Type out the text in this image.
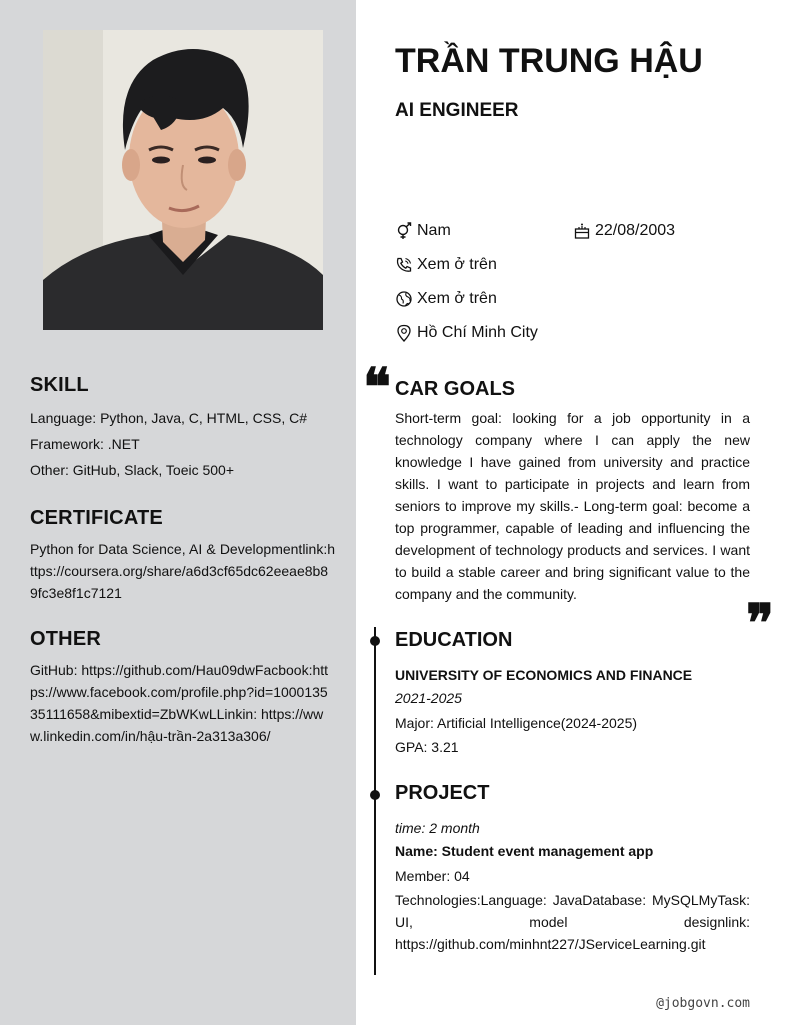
SKILL
Language: Python, Java, C, HTML, CSS, C#
Framework: .NET
Other: GitHub, Slack, Toeic 500+
CERTIFICATE
Python for Data Science, AI & Developmentlink:https://coursera.org/share/a6d3cf65dc62eeae8b89fc3e8f1c7121
OTHER
GitHub: https://github.com/Hau09dwFacbook:https://www.facebook.com/profile.php?id=100013535111658&mibextid=ZbWKwLLinkin: https://www.linkedin.com/in/hậu-trần-2a313a306/
TRẦN TRUNG HẬU
AI ENGINEER
Nam	22/08/2003
Xem ở trên
Xem ở trên
Hồ Chí Minh City
❝ CAR GOALS
Short-term goal: looking for a job opportunity in a technology company where I can apply the new knowledge I have gained from university and practice skills. I want to participate in projects and learn from seniors to improve my skills.- Long-term goal: become a top programmer, capable of leading and influencing the development of technology products and services. I want to build a stable career and bring significant value to the company and the community.	❞
EDUCATION
UNIVERSITY OF ECONOMICS AND FINANCE
2021-2025
Major: Artificial Intelligence(2024-2025)
GPA: 3.21
PROJECT
time: 2 month
Name: Student event management app
Member: 04
Technologies:Language: JavaDatabase: MySQLMyTask: UI, model designlink: https://github.com/minhnt227/JServiceLearning.git
@jobgovn.com
